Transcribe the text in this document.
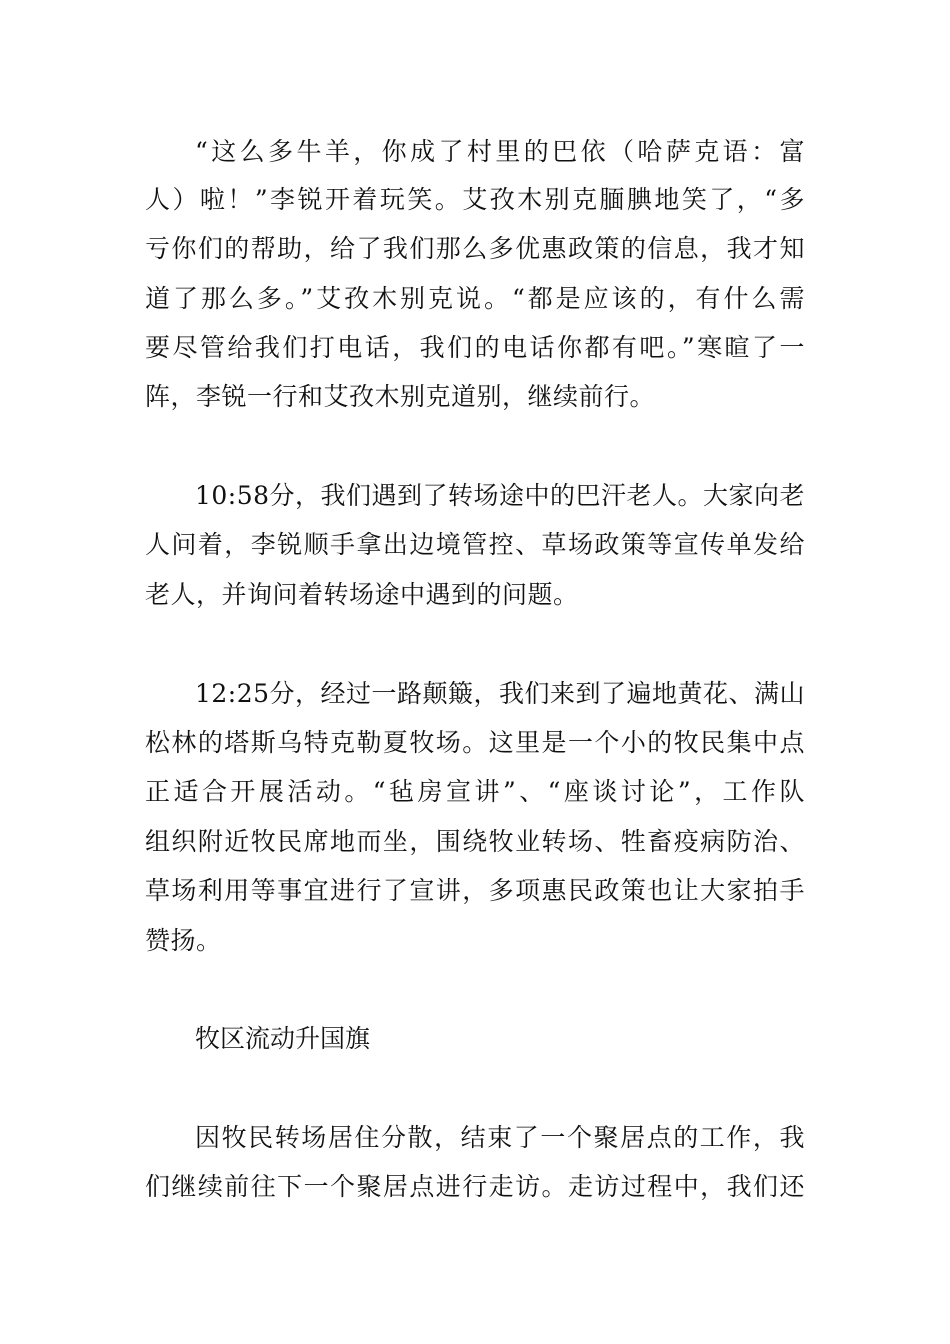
“这么多牛羊，你成了村里的巴依（哈萨克语：富
人）啦！”李锐开着玩笑。艾孜木别克腼腆地笑了，“多
亏你们的帮助，给了我们那么多优惠政策的信息，我才知
道了那么多。”艾孜木别克说。“都是应该的，有什么需
要尽管给我们打电话，我们的电话你都有吧。”寒暄了一
阵，李锐一行和艾孜木别克道别，继续前行。
10:58分，我们遇到了转场途中的巴汗老人。大家向老
人问着，李锐顺手拿出边境管控、草场政策等宣传单发给
老人，并询问着转场途中遇到的问题。
12:25分，经过一路颠簸，我们来到了遍地黄花、满山
松林的塔斯乌特克勒夏牧场。这里是一个小的牧民集中点
正适合开展活动。“毡房宣讲”、“座谈讨论”，工作队
组织附近牧民席地而坐，围绕牧业转场、牲畜疫病防治、
草场利用等事宜进行了宣讲，多项惠民政策也让大家拍手
赞扬。
牧区流动升国旗
因牧民转场居住分散，结束了一个聚居点的工作，我
们继续前往下一个聚居点进行走访。走访过程中，我们还
